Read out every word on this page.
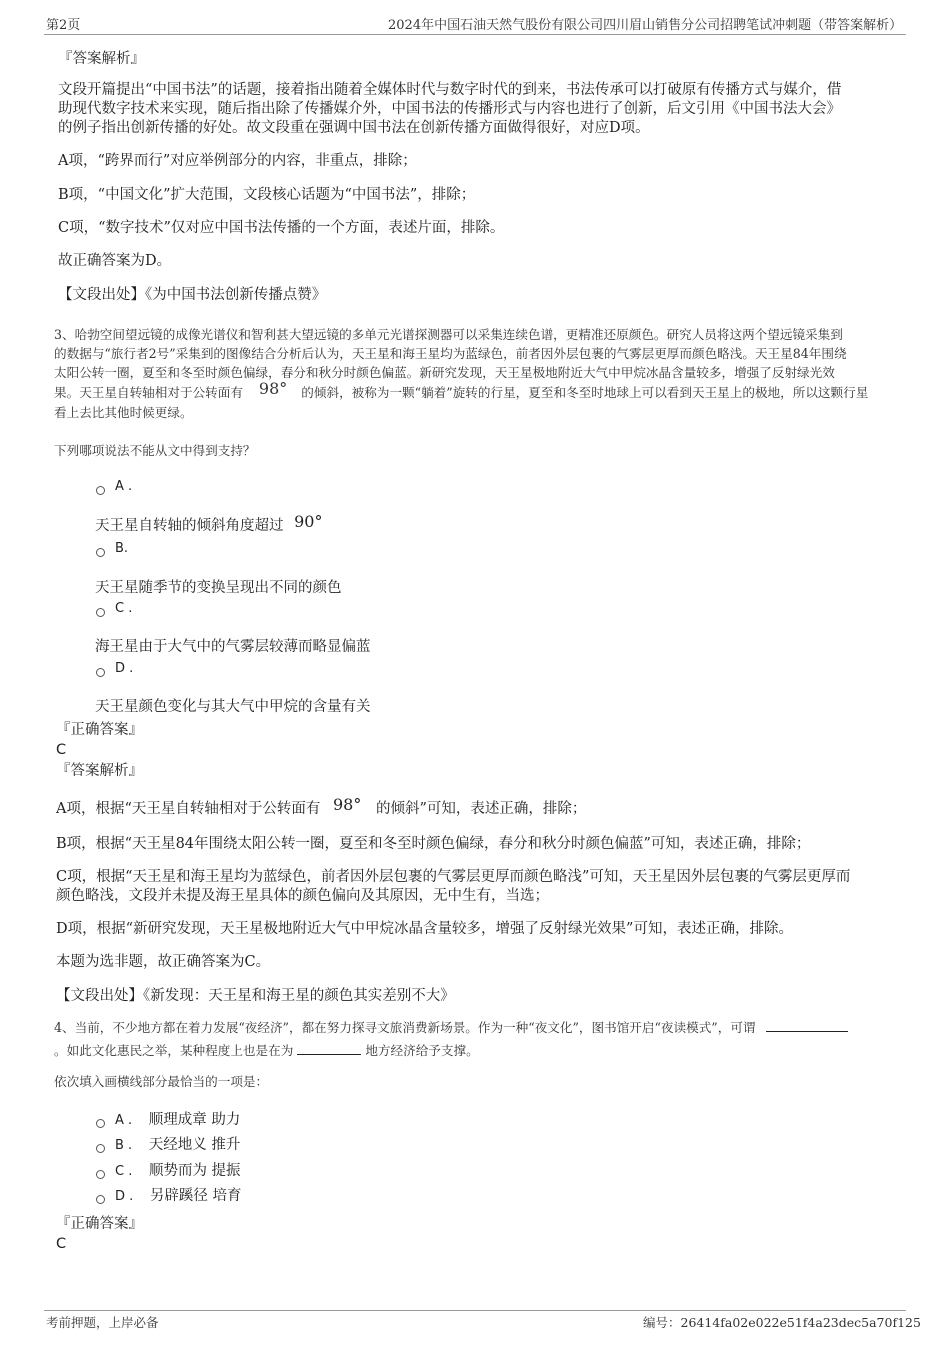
第2页	2024年中国石油天然气股份有限公司四川眉山销售分公司招聘笔试冲刺题（带答案解析）
『答案解析』
文段开篇提出“中国书法”的话题，接着指出随着全媒体时代与数字时代的到来，书法传承可以打破原有传播方式与媒介，借
助现代数字技术来实现，随后指出除了传播媒介外，中国书法的传播形式与内容也进行了创新，后文引用《中国书法大会》
的例子指出创新传播的好处。故文段重在强调中国书法在创新传播方面做得很好，对应D项。
A项，“跨界而行”对应举例部分的内容，非重点，排除；
B项，“中国文化”扩大范围，文段核心话题为“中国书法”，排除；
C项，“数字技术”仅对应中国书法传播的一个方面，表述片面，排除。
故正确答案为D。
【文段出处】《为中国书法创新传播点赞》
3、哈勃空间望远镜的成像光谱仪和智利甚大望远镜的多单元光谱探测器可以采集连续色谱，更精准还原颜色。研究人员将这两个望远镜采集到
的数据与“旅行者2号”采集到的图像结合分析后认为，天王星和海王星均为蓝绿色，前者因外层包裹的气雾层更厚而颜色略浅。天王星84年围绕
太阳公转一圈，夏至和冬至时颜色偏绿，春分和秋分时颜色偏蓝。新研究发现，天王星极地附近大气中甲烷冰晶含量较多，增强了反射绿光效
果。天王星自转轴相对于公转面有 98° 的倾斜，被称为一颗“躺着”旋转的行星，夏至和冬至时地球上可以看到天王星上的极地，所以这颗行星
看上去比其他时候更绿。
下列哪项说法不能从文中得到支持？
A .
天王星自转轴的倾斜角度超过 90°
B.
天王星随季节的变换呈现出不同的颜色
C .
海王星由于大气中的气雾层较薄而略显偏蓝
D .
天王星颜色变化与其大气中甲烷的含量有关
『正确答案』
C
『答案解析』
A项，根据“天王星自转轴相对于公转面有 98° 的倾斜”可知，表述正确，排除；
B项，根据“天王星84年围绕太阳公转一圈，夏至和冬至时颜色偏绿，春分和秋分时颜色偏蓝”可知，表述正确，排除；
C项，根据“天王星和海王星均为蓝绿色，前者因外层包裹的气雾层更厚而颜色略浅”可知，天王星因外层包裹的气雾层更厚而
颜色略浅，文段并未提及海王星具体的颜色偏向及其原因，无中生有，当选；
D项，根据“新研究发现，天王星极地附近大气中甲烷冰晶含量较多，增强了反射绿光效果”可知，表述正确，排除。
本题为选非题，故正确答案为C。
【文段出处】《新发现：天王星和海王星的颜色其实差别不大》
4、当前，不少地方都在着力发展“夜经济”，都在努力探寻文旅消费新场景。作为一种“夜文化”，图书馆开启“夜读模式”，可谓
。如此文化惠民之举，某种程度上也是在为	地方经济给予支撑。
依次填入画横线部分最恰当的一项是：
A . 顺理成章 助力
B . 天经地义 推升
C . 顺势而为 提振
D . 另辟蹊径 培育
『正确答案』
C
考前押题，上岸必备	编号：26414fa02e022e51f4a23dec5a70f125
